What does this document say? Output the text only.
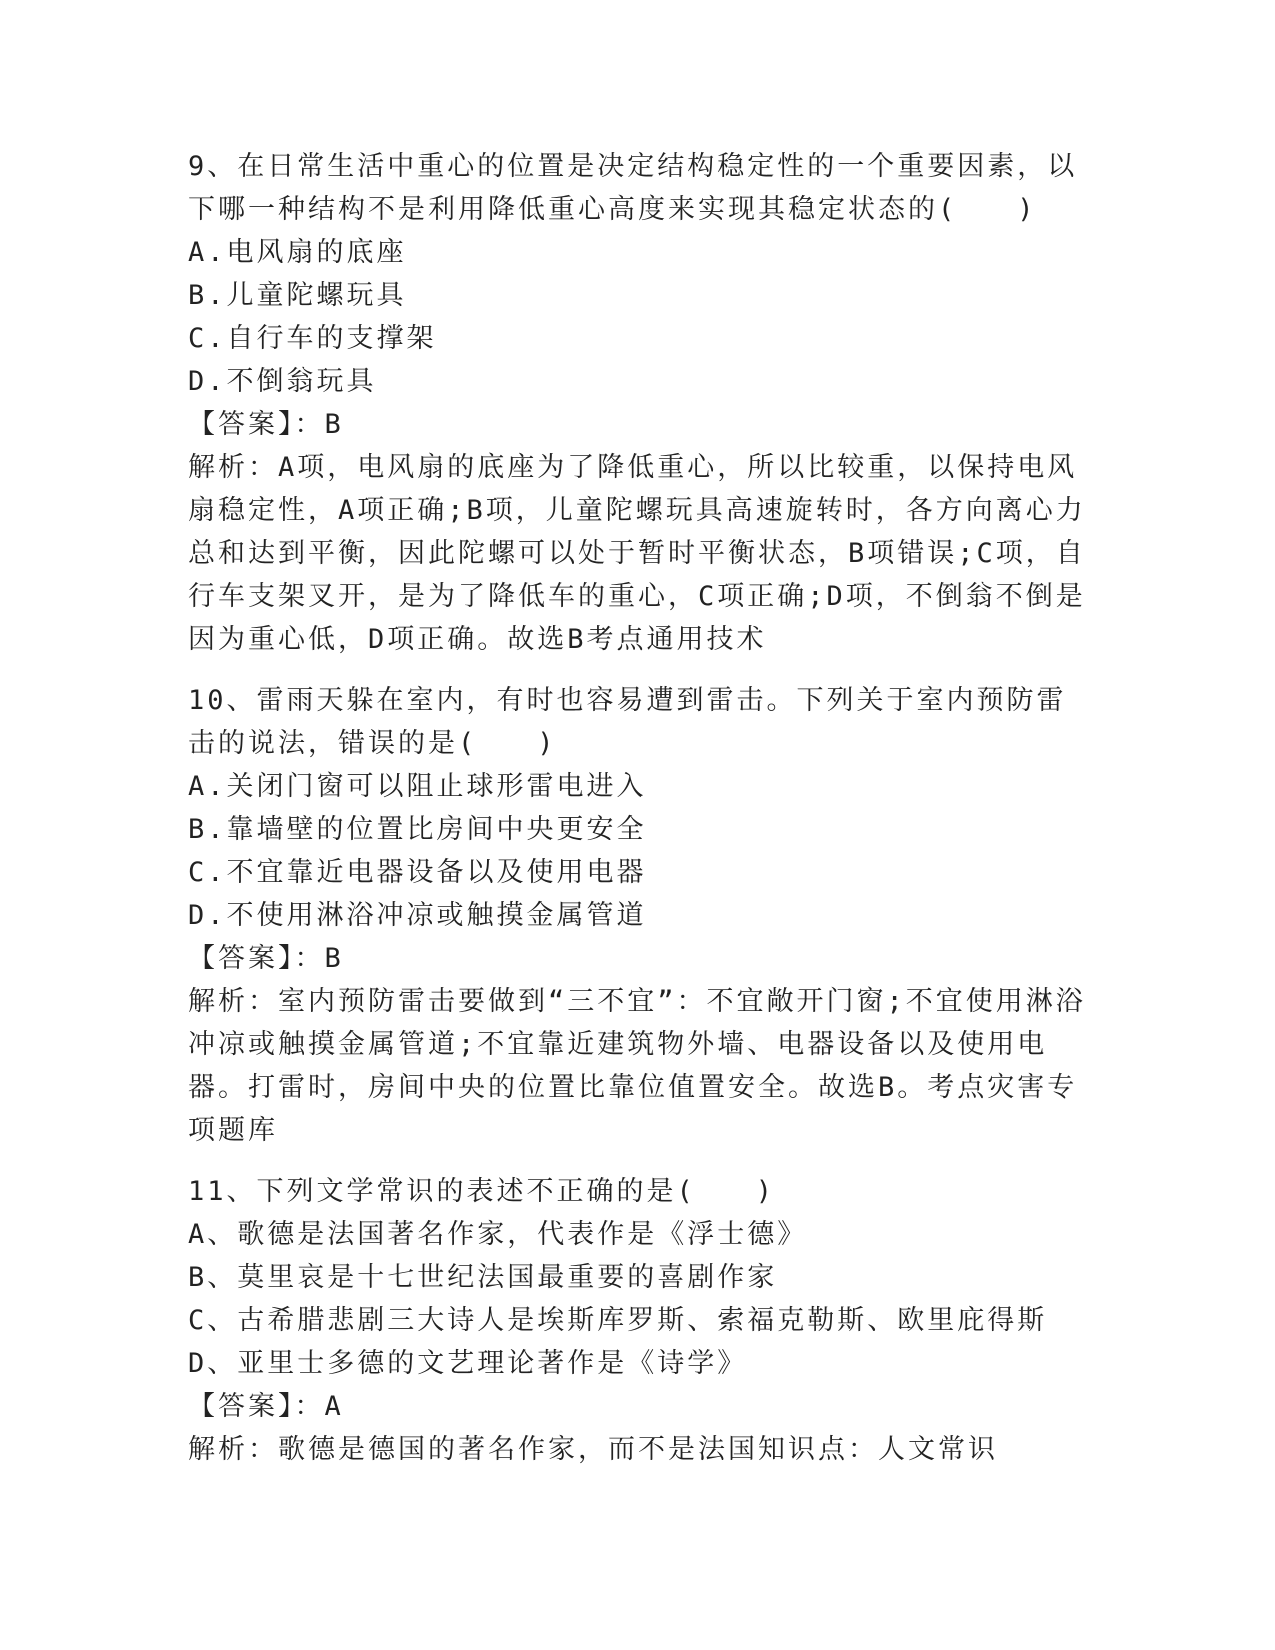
9、在日常生活中重心的位置是决定结构稳定性的一个重要因素，以下哪一种结构不是利用降低重心高度来实现其稳定状态的(　　)
A.电风扇的底座
B.儿童陀螺玩具
C.自行车的支撑架
D.不倒翁玩具
【答案】：B
解析：A项，电风扇的底座为了降低重心，所以比较重，以保持电风扇稳定性，A项正确;B项，儿童陀螺玩具高速旋转时，各方向离心力总和达到平衡，因此陀螺可以处于暂时平衡状态，B项错误;C项，自行车支架叉开，是为了降低车的重心，C项正确;D项，不倒翁不倒是因为重心低，D项正确。故选B考点通用技术
10、雷雨天躲在室内，有时也容易遭到雷击。下列关于室内预防雷击的说法，错误的是(　　)
A.关闭门窗可以阻止球形雷电进入
B.靠墙壁的位置比房间中央更安全
C.不宜靠近电器设备以及使用电器
D.不使用淋浴冲凉或触摸金属管道
【答案】：B
解析：室内预防雷击要做到“三不宜”：不宜敞开门窗;不宜使用淋浴冲凉或触摸金属管道;不宜靠近建筑物外墙、电器设备以及使用电器。打雷时，房间中央的位置比靠位值置安全。故选B。考点灾害专项题库
11、下列文学常识的表述不正确的是(　　)
A、歌德是法国著名作家，代表作是《浮士德》
B、莫里哀是十七世纪法国最重要的喜剧作家
C、古希腊悲剧三大诗人是埃斯库罗斯、索福克勒斯、欧里庇得斯
D、亚里士多德的文艺理论著作是《诗学》
【答案】：A
解析：歌德是德国的著名作家，而不是法国知识点：人文常识
